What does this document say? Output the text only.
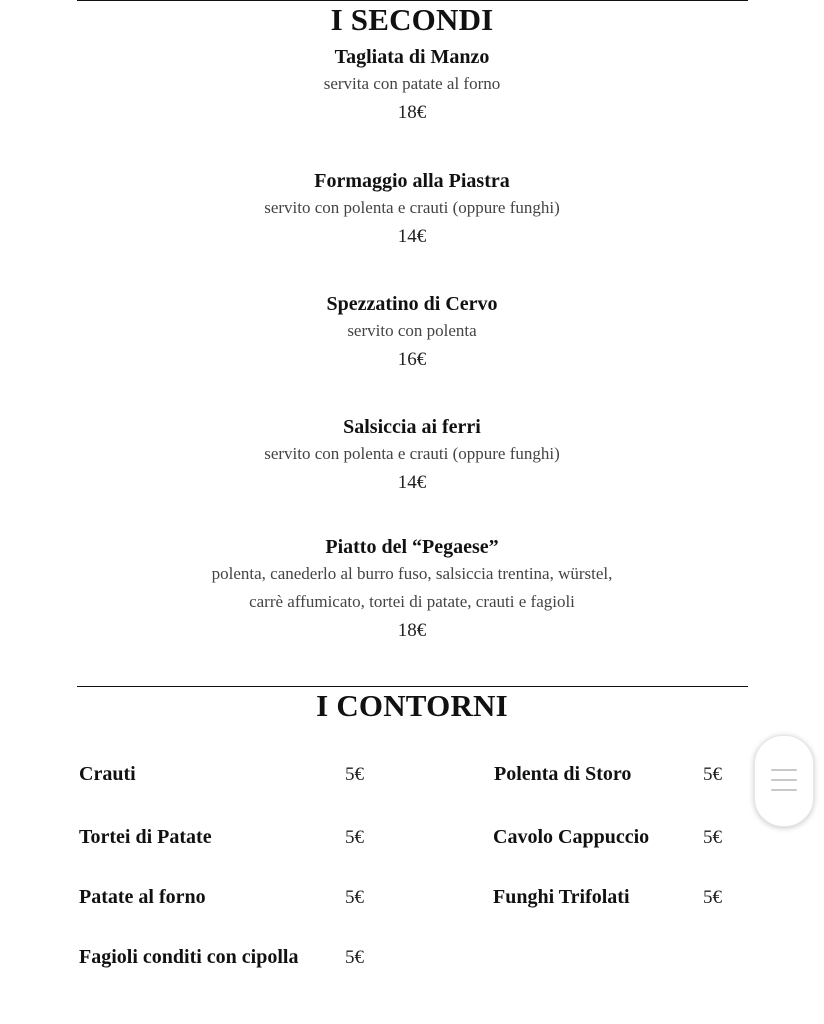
I SECONDI
Tagliata di Manzo
servita con patate al forno
18€
Formaggio alla Piastra
servito con polenta e crauti (oppure funghi)
14€
Spezzatino di Cervo
servito con polenta
16€
Salsiccia ai ferri
servito con polenta e crauti (oppure funghi)
14€
Piatto del “Pegaese”
polenta, canederlo al burro fuso, salsiccia trentina, würstel,
carrè affumicato, tortei di patate, crauti e fagioli
18€
I CONTORNI
Crauti	5€	Polenta di Storo	5€
Tortei di Patate	5€	Cavolo Cappuccio	5€
Patate al forno	5€	Funghi Trifolati	5€
Fagioli conditi con cipolla 5€
